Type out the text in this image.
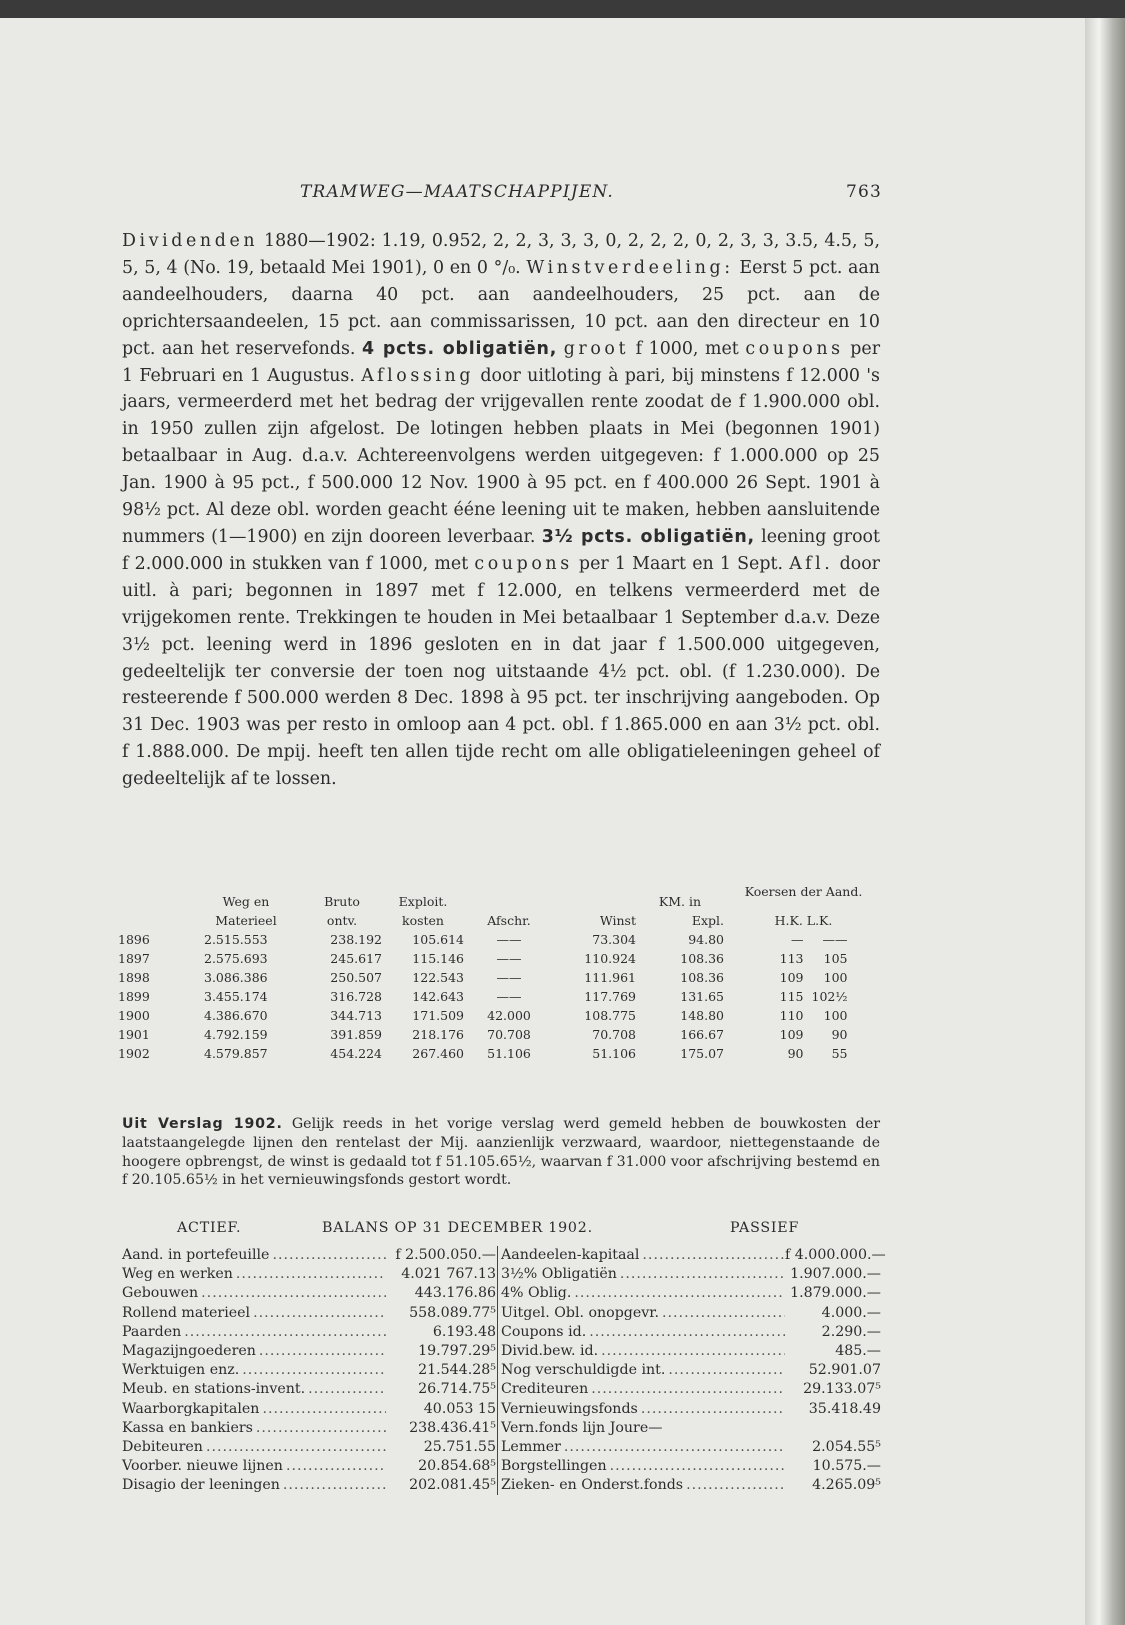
TRAMWEG—MAATSCHAPPIJEN.	763

Dividenden 1880—1902: 1.19, 0.952, 2, 2, 3, 3, 3, 0, 2, 2, 2, 0, 2, 3, 3, 3.5, 4.5, 5, 5, 5, 4 (No. 19, betaald Mei 1901), 0 en 0 °/₀. Winstverdeeling: Eerst 5 pct. aan aandeelhouders, daarna 40 pct. aan aandeelhouders, 25 pct. aan de oprichtersaandeelen, 15 pct. aan commissarissen, 10 pct. aan den directeur en 10 pct. aan het reservefonds. 4 pcts. obligatiën, groot f 1000, met coupons per 1 Februari en 1 Augustus. Aflossing door uitloting à pari, bij minstens f 12.000 's jaars, vermeerderd met het bedrag der vrijgevallen rente zoodat de f 1.900.000 obl. in 1950 zullen zijn afgelost. De lotingen hebben plaats in Mei (begonnen 1901) betaalbaar in Aug. d.a.v. Achtereenvolgens werden uitgegeven: f 1.000.000 op 25 Jan. 1900 à 95 pct., f 500.000 12 Nov. 1900 à 95 pct. en f 400.000 26 Sept. 1901 à 98½ pct. Al deze obl. worden geacht ééne leening uit te maken, hebben aansluitende nummers (1—1900) en zijn dooreen leverbaar. 3½ pcts. obligatiën, leening groot f 2.000.000 in stukken van f 1000, met coupons per 1 Maart en 1 Sept. Afl. door uitl. à pari; begonnen in 1897 met f 12.000, en telkens vermeerderd met de vrijgekomen rente. Trekkingen te houden in Mei betaalbaar 1 September d.a.v. Deze 3½ pct. leening werd in 1896 gesloten en in dat jaar f 1.500.000 uitgegeven, gedeeltelijk ter conversie der toen nog uitstaande 4½ pct. obl. (f 1.230.000). De resteerende f 500.000 werden 8 Dec. 1898 à 95 pct. ter inschrijving aangeboden. Op 31 Dec. 1903 was per resto in omloop aan 4 pct. obl. f 1.865.000 en aan 3½ pct. obl. f 1.888.000. De mpij. heeft ten allen tijde recht om alle obligatieleeningen geheel of gedeeltelijk af te lossen.

	Weg en	Bruto	Exploit.			KM. in	Koersen der Aand.
	Materieel	ontv.	kosten	Afschr.	Winst	Expl.	H.K. L.K.
1896	2.515.553	238.192	105.614	——	73.304	94.80	— ——
1897	2.575.693	245.617	115.146	——	110.924	108.36	113 105
1898	3.086.386	250.507	122.543	——	111.961	108.36	109 100
1899	3.455.174	316.728	142.643	——	117.769	131.65	115 102½
1900	4.386.670	344.713	171.509	42.000	108.775	148.80	110 100
1901	4.792.159	391.859	218.176	70.708	70.708	166.67	109 90
1902	4.579.857	454.224	267.460	51.106	51.106	175.07	90 55
Uit Verslag 1902. Gelijk reeds in het vorige verslag werd gemeld hebben de bouwkosten der laatstaangelegde lijnen den rentelast der Mij. aanzienlijk verzwaard, waardoor, niettegenstaande de hoogere opbrengst, de winst is gedaald tot f 51.105.65½, waarvan f 31.000 voor afschrijving bestemd en f 20.105.65½ in het vernieuwingsfonds gestort wordt.
ACTIEF.	BALANS OP 31 DECEMBER 1902.	PASSIEF
Aand. in portefeuille .....	f 2.500.050.—
Weg en werken .....	4.021 767.13
Gebouwen .....	443.176.86
Rollend materieel .....	558.089.77⁵
Paarden .....	6.193.48
Magazijngoederen .....	19.797.29⁵
Werktuigen enz. .....	21.544.28⁵
Meub. en stations-invent. .....	26.714.75⁵
Waarborgkapitalen .....	40.053 15
Kassa en bankiers .....	238.436.41⁵
Debiteuren .....	25.751.55
Voorber. nieuwe lijnen .....	20.854.68⁵
Disagio der leeningen .....	202.081.45⁵
Aandeelen-kapitaal .....	f 4.000.000.—
3½% Obligatiën .....	1.907.000.—
4% Oblig. .....	1.879.000.—
Uitgel. Obl. onopgevr. .....	4.000.—
Coupons id. .....	2.290.—
Divid.bew. id. .....	485.—
Nog verschuldigde int. .....	52.901.07
Crediteuren .....	29.133.07⁵
Vernieuwingsfonds .....	35.418.49
Vern.fonds lijn Joure—
Lemmer .....	2.054.55⁵
Borgstellingen .....	10.575.—
Zieken- en Onderst.fonds .....	4.265.09⁵
